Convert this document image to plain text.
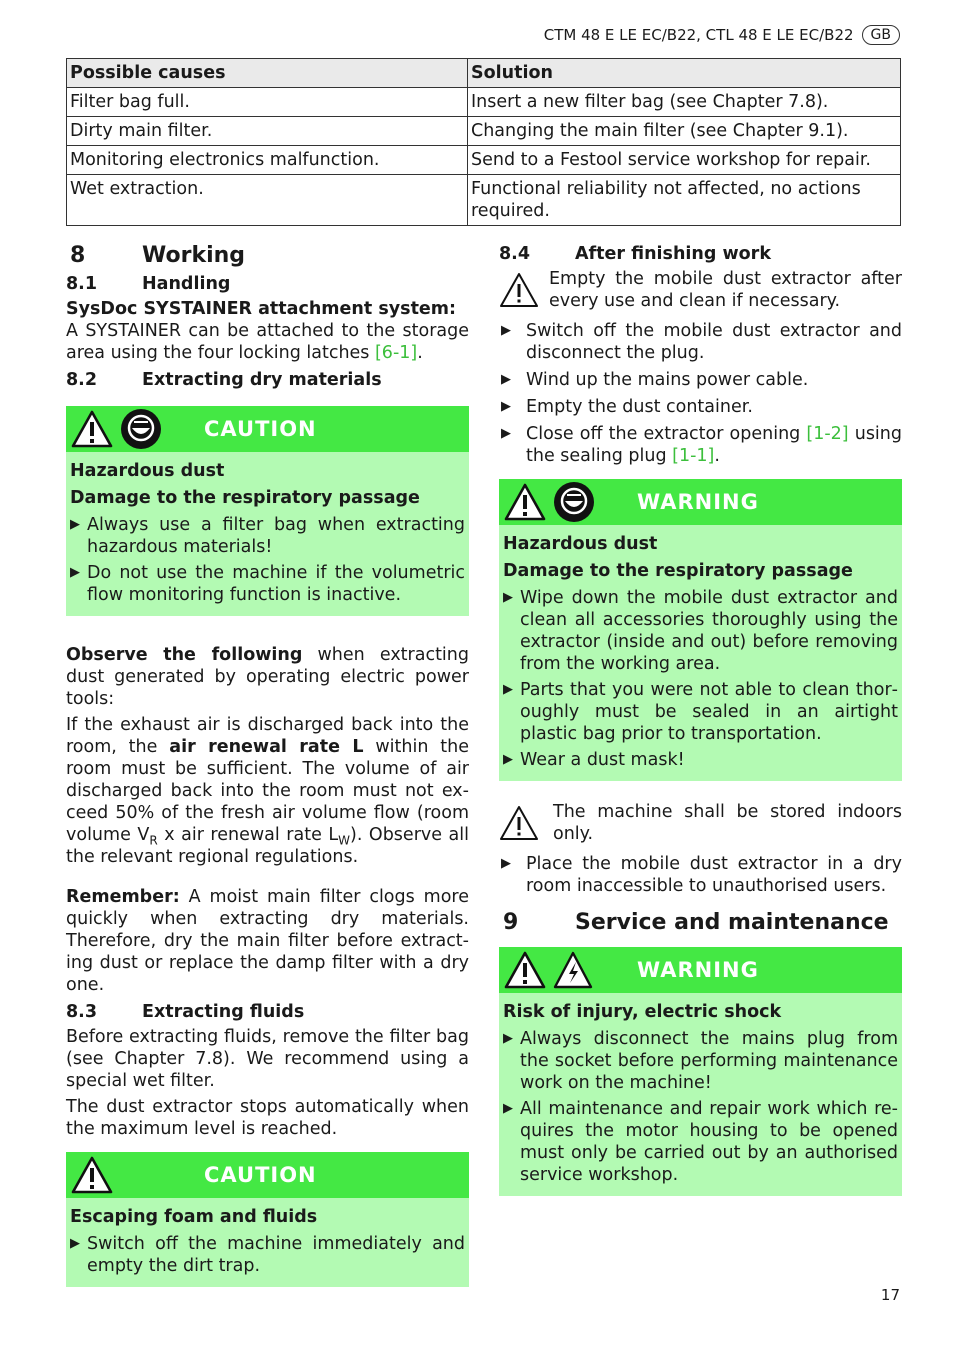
CTM 48 E LE EC/B22, CTL 48 E LE EC/B22	GB
Possible causes	Solution
Filter bag full.	Insert a new filter bag (see Chapter 7.8).
Dirty main filter.	Changing the main filter (see Chapter 9.1).
Monitoring electronics malfunction.	Send to a Festool service workshop for repair.
Wet extraction.	Functional reliability not affected, no actions required.
8	Working
8.1	Handling
SysDoc SYSTAINER attachment system:

A SYSTAINER can be attached to the storage area using the four locking latches [6-1].

8.2	Extracting dry materials
CAUTION
Hazardous dust
Damage to the respiratory passage
▶ Always use a filter bag when extracting hazardous materials!
▶ Do not use the machine if the volumetric flow monitoring function is inactive.

Observe the following when extracting dust generated by operating electric power tools:

If the exhaust air is discharged back into the room, the air renewal rate L within the room must be sufficient. The volume of air discharged back into the room must not exceed 50% of the fresh air volume flow (room volume $V_R$ x air renewal rate $L_W$). Observe all the relevant regional regulations.

Remember: A moist main filter clogs more quickly when extracting dry materials. Therefore, dry the main filter before extracting dust or replace the damp filter with a dry one.

8.3	Extracting fluids

Before extracting fluids, remove the filter bag (see Chapter 7.8). We recommend using a special wet filter.

The dust extractor stops automatically when the maximum level is reached.

CAUTION
Escaping foam and fluids
▶ Switch off the machine immediately and empty the dirt trap.
8.4	After finishing work
Empty the mobile dust extractor after every use and clean if necessary.
▶ Switch off the mobile dust extractor and disconnect the plug.
▶ Wind up the mains power cable.
▶ Empty the dust container.
▶ Close off the extractor opening [1-2] using the sealing plug [1-1].
WARNING
Hazardous dust
Damage to the respiratory passage
▶ Wipe down the mobile dust extractor and clean all accessories thoroughly using the extractor (inside and out) before removing from the working area.
▶ Parts that you were not able to clean thoroughly must be sealed in an airtight plastic bag prior to transportation.
▶ Wear a dust mask!
The machine shall be stored indoors only.
▶ Place the mobile dust extractor in a dry room inaccessible to unauthorised users.
9	Service and maintenance
WARNING
Risk of injury, electric shock
▶ Always disconnect the mains plug from the socket before performing maintenance work on the machine!
▶ All maintenance and repair work which requires the motor housing to be opened must only be carried out by an authorised service workshop.
17
